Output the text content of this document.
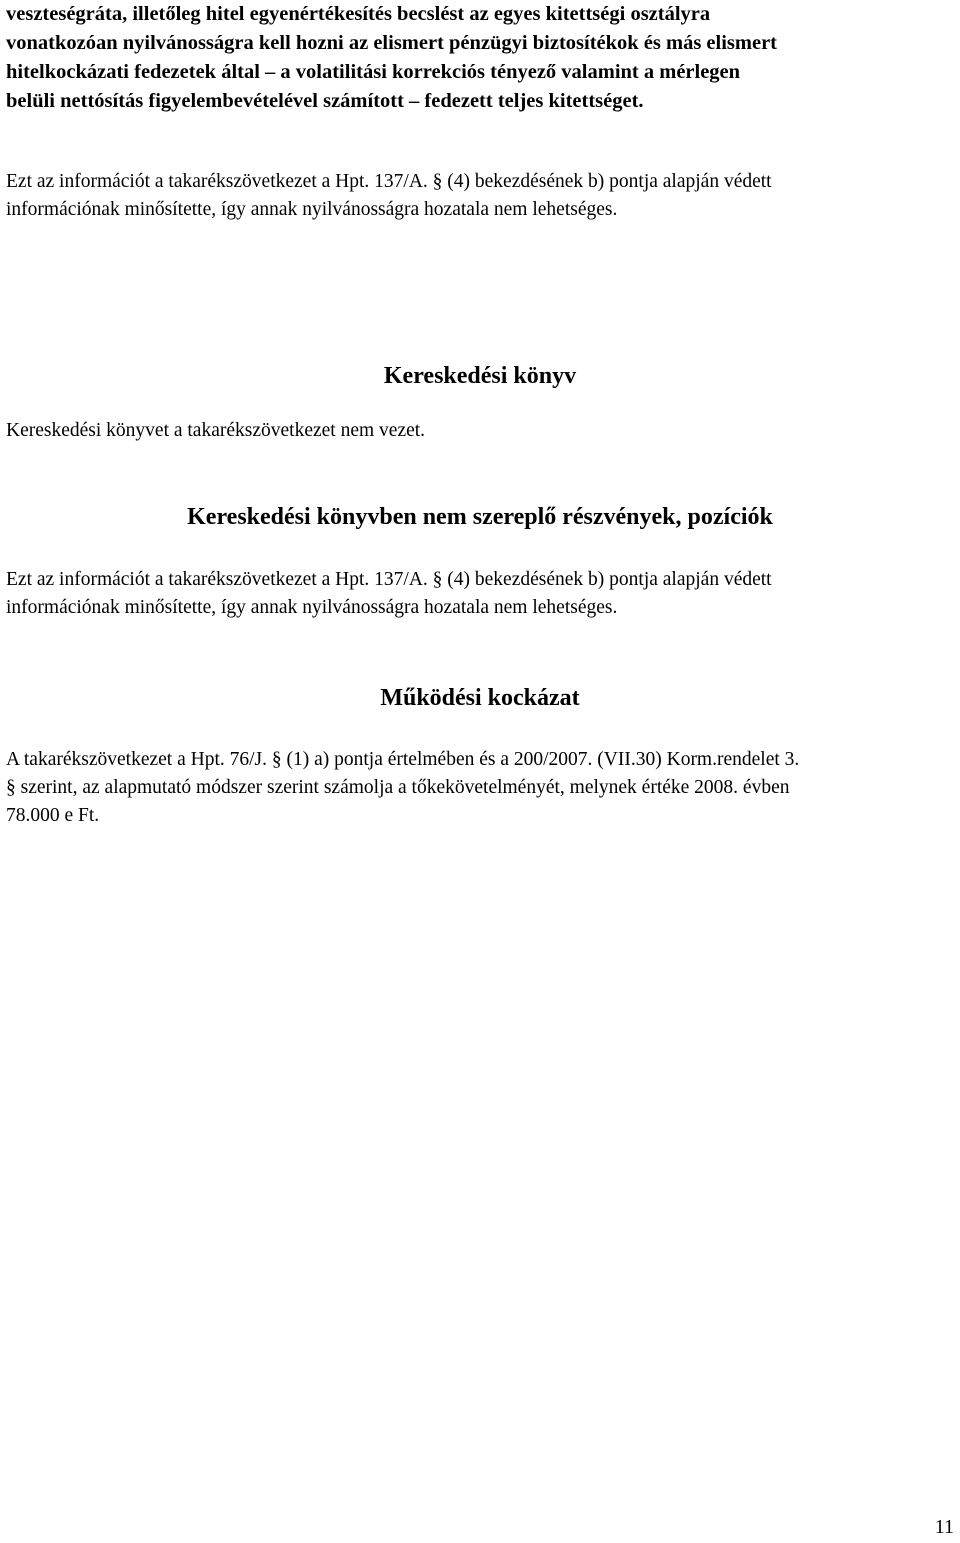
veszteségráta, illetőleg hitel egyenértékesítés becslést az egyes kitettségi osztályra
vonatkozóan nyilvánosságra kell hozni az elismert pénzügyi biztosítékok és más elismert
hitelkockázati fedezetek által – a volatilitási korrekciós tényező valamint a mérlegen
belüli nettósítás figyelembevételével számított – fedezett teljes kitettséget.
Ezt az információt a takarékszövetkezet a Hpt. 137/A. § (4) bekezdésének b) pontja alapján védett
információnak minősítette, így annak nyilvánosságra hozatala nem lehetséges.
Kereskedési könyv
Kereskedési könyvet a takarékszövetkezet nem vezet.
Kereskedési könyvben nem szereplő részvények, pozíciók
Ezt az információt a takarékszövetkezet a Hpt. 137/A. § (4) bekezdésének b) pontja alapján védett
információnak minősítette, így annak nyilvánosságra hozatala nem lehetséges.
Működési kockázat
A takarékszövetkezet a Hpt. 76/J. § (1) a) pontja értelmében és a 200/2007. (VII.30) Korm.rendelet 3.
§ szerint, az alapmutató módszer szerint számolja a tőkekövetelményét, melynek értéke 2008. évben
78.000 e Ft.
11
